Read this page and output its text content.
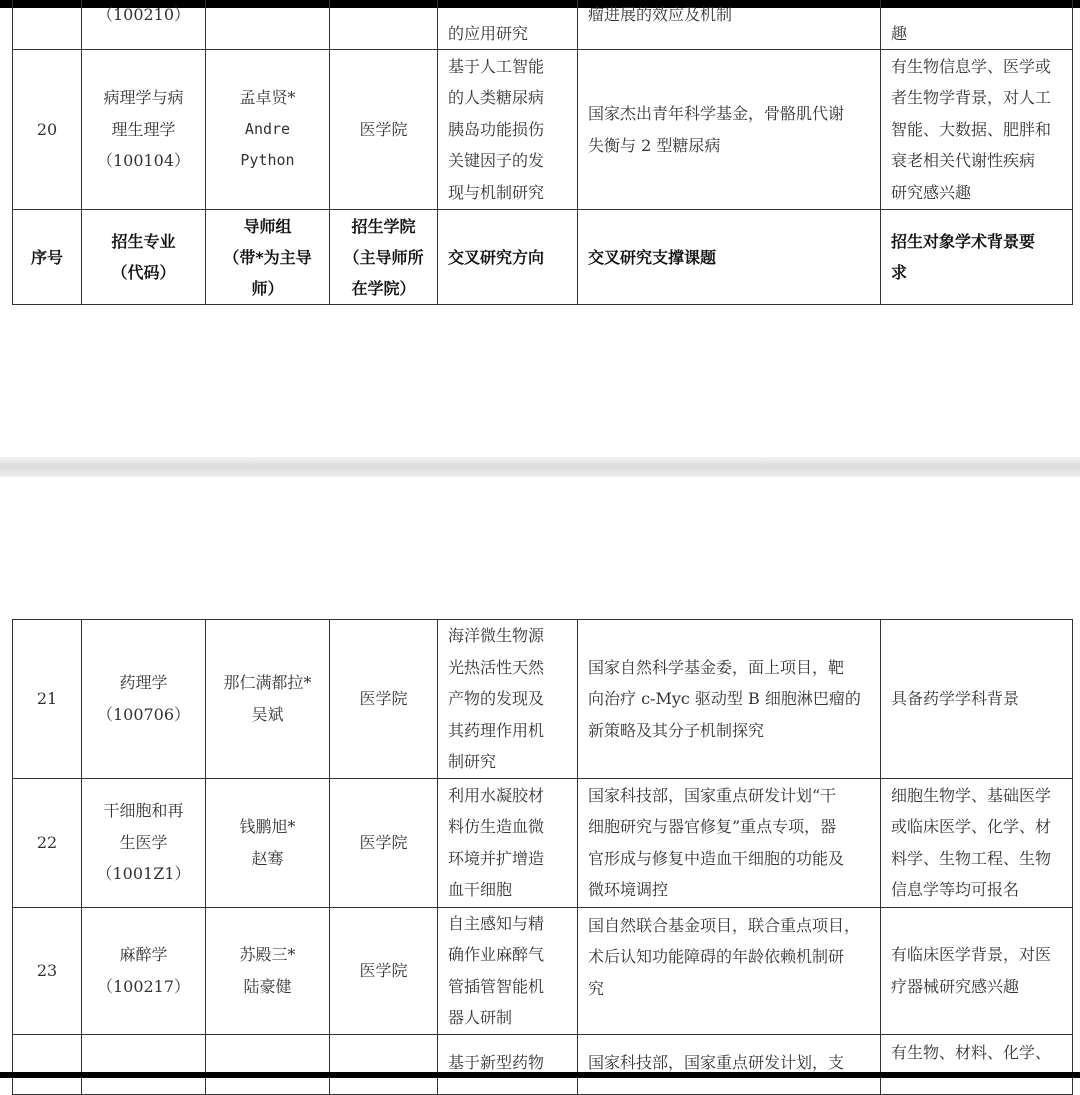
	（100210）			的应用研究	瘤进展的效应及机制	趣
20	病理学与病
理生理学
（100104）	孟卓贤*
Andre Python	医学院	基于人工智能
的人类糖尿病
胰岛功能损伤
关键因子的发
现与机制研究	国家杰出青年科学基金，骨骼肌代谢
失衡与 2 型糖尿病	有生物信息学、医学或
者生物学背景，对人工
智能、大数据、肥胖和
衰老相关代谢性疾病
研究感兴趣

序号	招生专业
（代码）	导师组
（带*为主导
师）	招生学院
（主导师所
在学院）	交叉研究方向	交叉研究支撑课题	招生对象学术背景要
求
21	药理学
（100706）	那仁满都拉*
吴斌	医学院	海洋微生物源
光热活性天然
产物的发现及
其药理作用机
制研究	国家自然科学基金委，面上项目，靶
向治疗 c-Myc 驱动型 B 细胞淋巴瘤的
新策略及其分子机制探究	具备药学学科背景

22	干细胞和再
生医学
（1001Z1）	钱鹏旭*
赵骞	医学院	利用水凝胶材
料仿生造血微
环境并扩增造
血干细胞	国家科技部，国家重点研发计划“干
细胞研究与器官修复”重点专项，器
官形成与修复中造血干细胞的功能及
微环境调控	细胞生物学、基础医学
或临床医学、化学、材
料学、生物工程、生物
信息学等均可报名

23	麻醉学
（100217）	苏殿三*
陆豪健	医学院	自主感知与精
确作业麻醉气
管插管智能机
器人研制	国自然联合基金项目，联合重点项目，
术后认知功能障碍的年龄依赖机制研
究	有临床医学背景，对医
疗器械研究感兴趣

				基于新型药物	国家科技部，国家重点研发计划，支	有生物、材料、化学、
